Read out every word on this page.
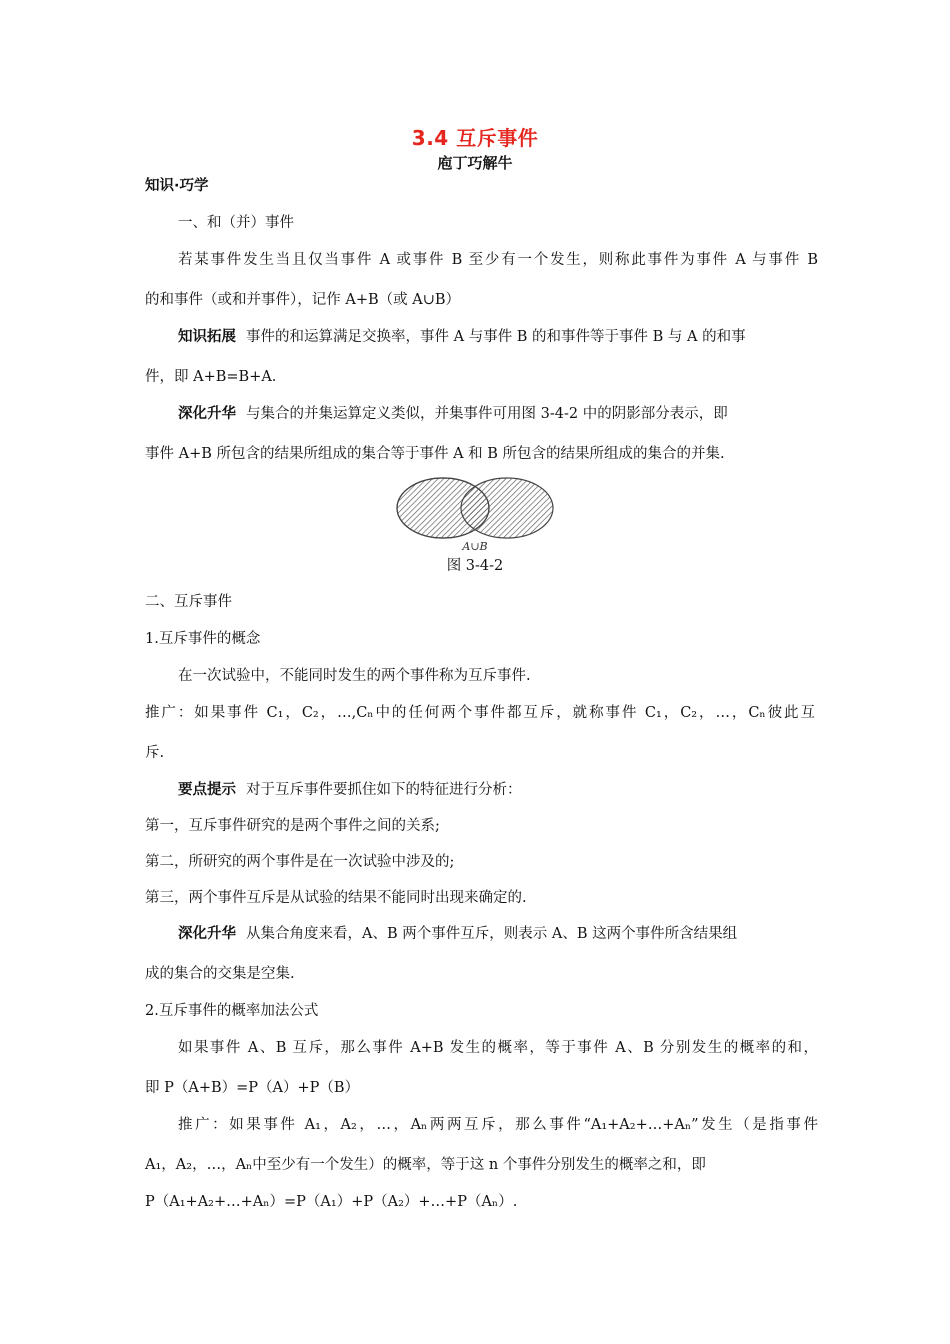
3.4 互斥事件
庖丁巧解牛
知识·巧学
一、和（并）事件
若某事件发生当且仅当事件 A 或事件 B 至少有一个发生，则称此事件为事件 A 与事件 B
的和事件（或和并事件），记作 A+B（或 A∪B）
知识拓展 事件的和运算满足交换率，事件 A 与事件 B 的和事件等于事件 B 与 A 的和事
件，即 A+B=B+A.
深化升华 与集合的并集运算定义类似，并集事件可用图 3-4-2 中的阴影部分表示，即
事件 A+B 所包含的结果所组成的集合等于事件 A 和 B 所包含的结果所组成的集合的并集.
A∪B
图 3-4-2
二、互斥事件
1.互斥事件的概念
在一次试验中，不能同时发生的两个事件称为互斥事件.
推广：如果事件 C₁，C₂，…,Cₙ中的任何两个事件都互斥，就称事件 C₁，C₂，…，Cₙ彼此互
斥.
要点提示 对于互斥事件要抓住如下的特征进行分析：
第一，互斥事件研究的是两个事件之间的关系;
第二，所研究的两个事件是在一次试验中涉及的;
第三，两个事件互斥是从试验的结果不能同时出现来确定的.
深化升华 从集合角度来看，A、B 两个事件互斥，则表示 A、B 这两个事件所含结果组
成的集合的交集是空集.
2.互斥事件的概率加法公式
如果事件 A、B 互斥，那么事件 A+B 发生的概率，等于事件 A、B 分别发生的概率的和，
即 P（A+B）=P（A）+P（B）
推广：如果事件 A₁，A₂，…，Aₙ两两互斥，那么事件“A₁+A₂+…+Aₙ”发生（是指事件
A₁，A₂，…，Aₙ中至少有一个发生）的概率，等于这 n 个事件分别发生的概率之和，即
P（A₁+A₂+…+Aₙ）=P（A₁）+P（A₂）+…+P（Aₙ）.
